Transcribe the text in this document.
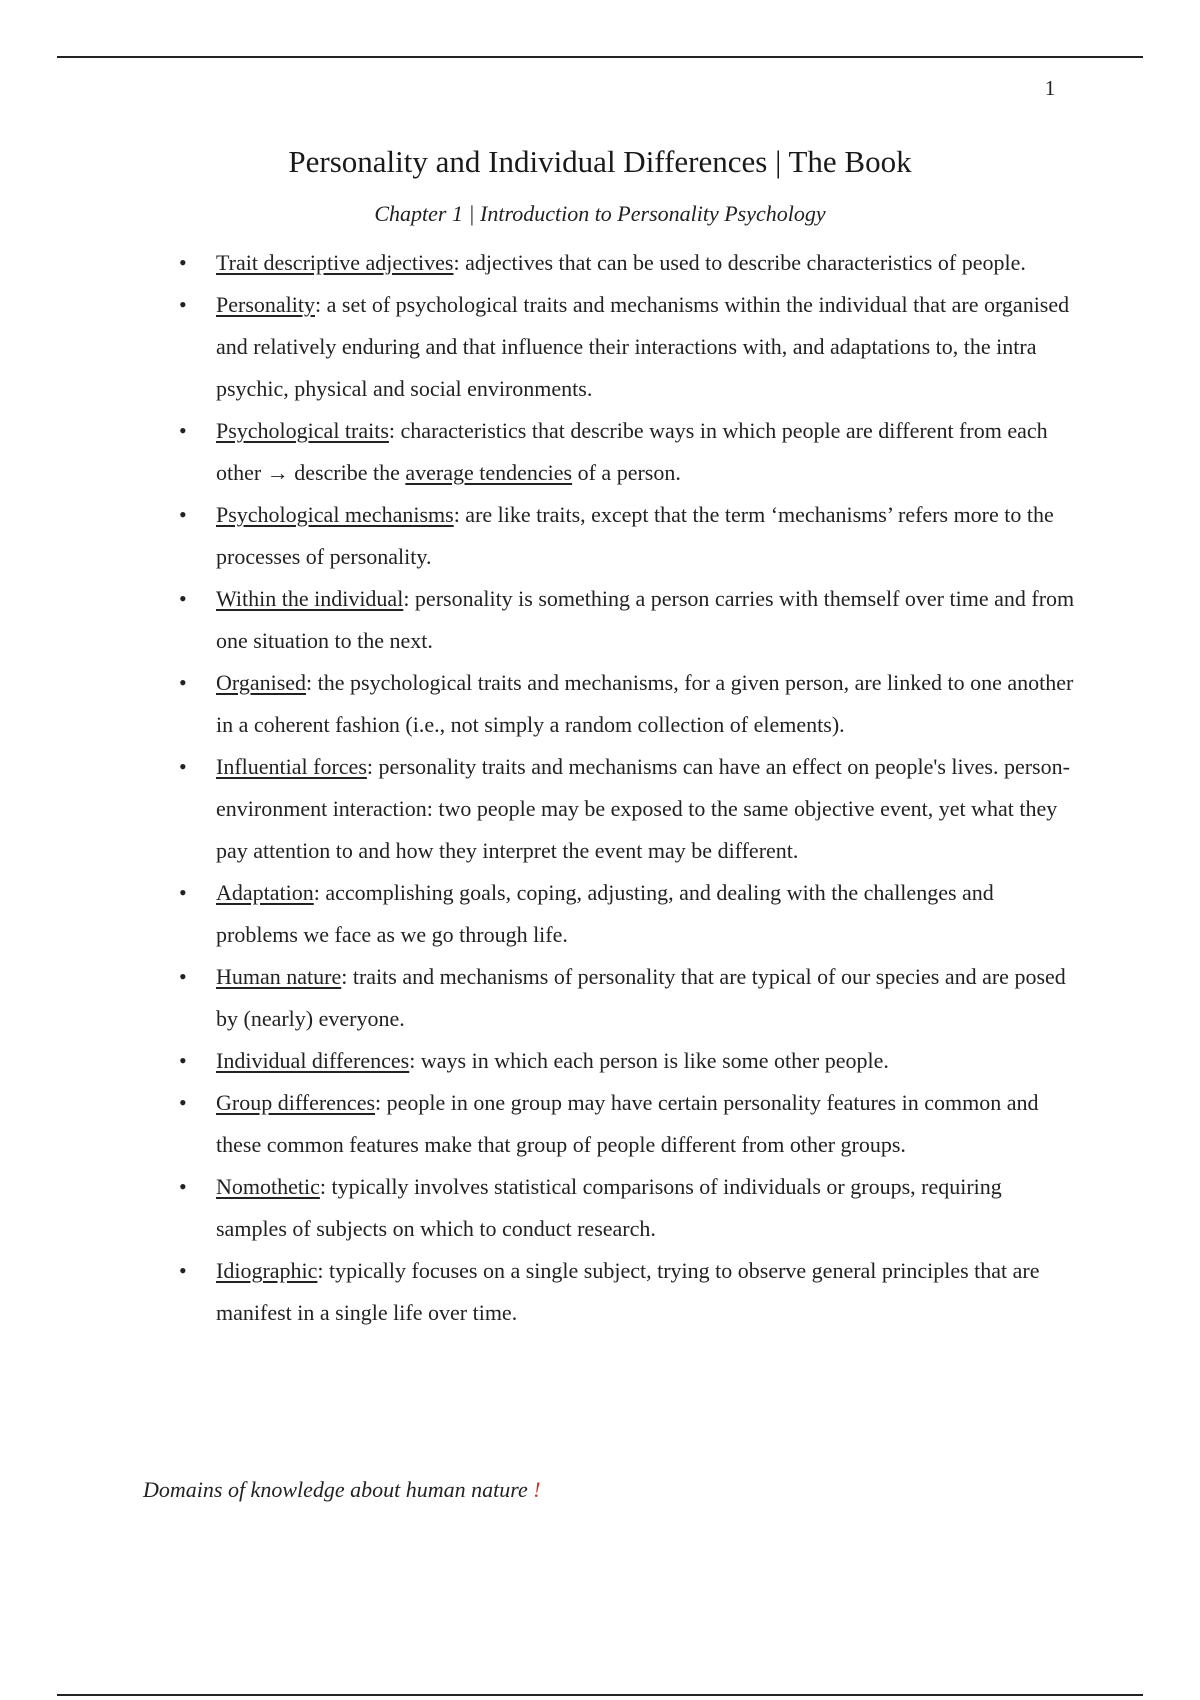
1
Personality and Individual Differences | The Book
Chapter 1 | Introduction to Personality Psychology
• Trait descriptive adjectives: adjectives that can be used to describe characteristics of people.
• Personality: a set of psychological traits and mechanisms within the individual that are organised and relatively enduring and that influence their interactions with, and adaptations to, the intra psychic, physical and social environments.
• Psychological traits: characteristics that describe ways in which people are different from each other → describe the average tendencies of a person.
• Psychological mechanisms: are like traits, except that the term ‘mechanisms’ refers more to the processes of personality.
• Within the individual: personality is something a person carries with themself over time and from one situation to the next.
• Organised: the psychological traits and mechanisms, for a given person, are linked to one another in a coherent fashion (i.e., not simply a random collection of elements).
• Influential forces: personality traits and mechanisms can have an effect on people's lives. person-environment interaction: two people may be exposed to the same objective event, yet what they pay attention to and how they interpret the event may be different.
• Adaptation: accomplishing goals, coping, adjusting, and dealing with the challenges and problems we face as we go through life.
• Human nature: traits and mechanisms of personality that are typical of our species and are posed by (nearly) everyone.
• Individual differences: ways in which each person is like some other people.
• Group differences: people in one group may have certain personality features in common and these common features make that group of people different from other groups.
• Nomothetic: typically involves statistical comparisons of individuals or groups, requiring samples of subjects on which to conduct research.
• Idiographic: typically focuses on a single subject, trying to observe general principles that are manifest in a single life over time.
Domains of knowledge about human nature !
